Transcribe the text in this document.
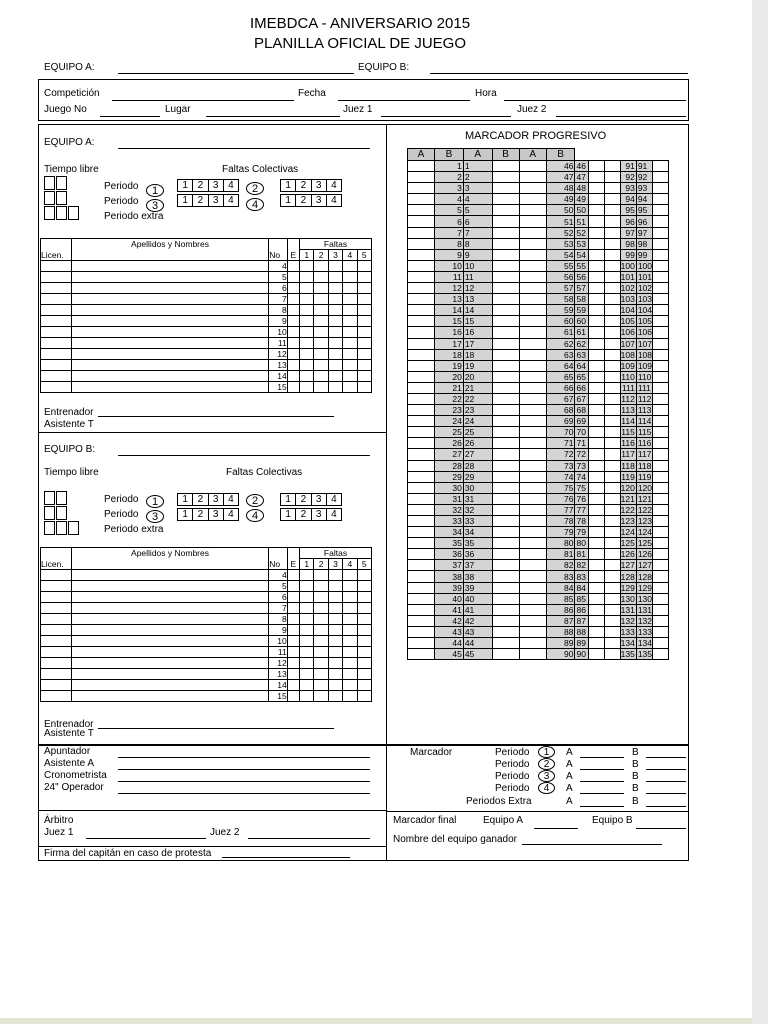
IMEBDCA - ANIVERSARIO 2015
PLANILLA OFICIAL DE JUEGO
EQUIPO A:	EQUIPO B:
Competición	Fecha	Hora
Juego No	Lugar	Juez 1	Juez 2
EQUIPO A:
Tiempo libre	Faltas Colectivas
Periodo
Periodo
Periodo extra
1
3
2
4
1 2 3 4
1 2 3 4
1 2 3 4
1 2 3 4
	Apellidos y Nombres			Faltas				
Licen.		No	E	1	2	3	4	5
		4						
		5						
		6						
		7						
		8						
		9						
		10						
		11						
		12						
		13						
		14						
		15						
Entrenador
Asistente T
EQUIPO B:
Tiempo libre	Faltas Colectivas
Periodo
Periodo
Periodo extra
1
3
2
4
1 2 3 4
1 2 3 4
1 2 3 4
1 2 3 4
	Apellidos y Nombres			Faltas				
Licen.		No	E	1	2	3	4	5
		4						
		5						
		6						
		7						
		8						
		9						
		10						
		11						
		12						
		13						
		14						
		15						
Entrenador
Asistente T
MARCADOR PROGRESIVO
A	B	A	B	A	B						
	1	1			46	46			91	91	
	2	2			47	47			92	92	
	3	3			48	48			93	93	
	4	4			49	49			94	94	
	5	5			50	50			95	95	
	6	6			51	51			96	96	
	7	7			52	52			97	97	
	8	8			53	53			98	98	
	9	9			54	54			99	99	
	10	10			55	55			100	100	
	11	11			56	56			101	101	
	12	12			57	57			102	102	
	13	13			58	58			103	103	
	14	14			59	59			104	104	
	15	15			60	60			105	105	
	16	16			61	61			106	106	
	17	17			62	62			107	107	
	18	18			63	63			108	108	
	19	19			64	64			109	109	
	20	20			65	65			110	110	
	21	21			66	66			111	111	
	22	22			67	67			112	112	
	23	23			68	68			113	113	
	24	24			69	69			114	114	
	25	25			70	70			115	115	
	26	26			71	71			116	116	
	27	27			72	72			117	117	
	28	28			73	73			118	118	
	29	29			74	74			119	119	
	30	30			75	75			120	120	
	31	31			76	76			121	121	
	32	32			77	77			122	122	
	33	33			78	78			123	123	
	34	34			79	79			124	124	
	35	35			80	80			125	125	
	36	36			81	81			126	126	
	37	37			82	82			127	127	
	38	38			83	83			128	128	
	39	39			84	84			129	129	
	40	40			85	85			130	130	
	41	41			86	86			131	131	
	42	42			87	87			132	132	
	43	43			88	88			133	133	
	44	44			89	89			134	134	
	45	45			90	90			135	135	
Apuntador
Asistente A
Cronometrista
24" Operador
Árbitro
Juez 1	Juez 2
Firma del capitán en caso de protesta
Marcador	Periodo	1	A	B
Periodo	2	A	B
Periodo	3	A	B
Periodo	4	A	B
Periodos Extra	A	B
Marcador final	Equipo A	Equipo B
Nombre del equipo ganador
